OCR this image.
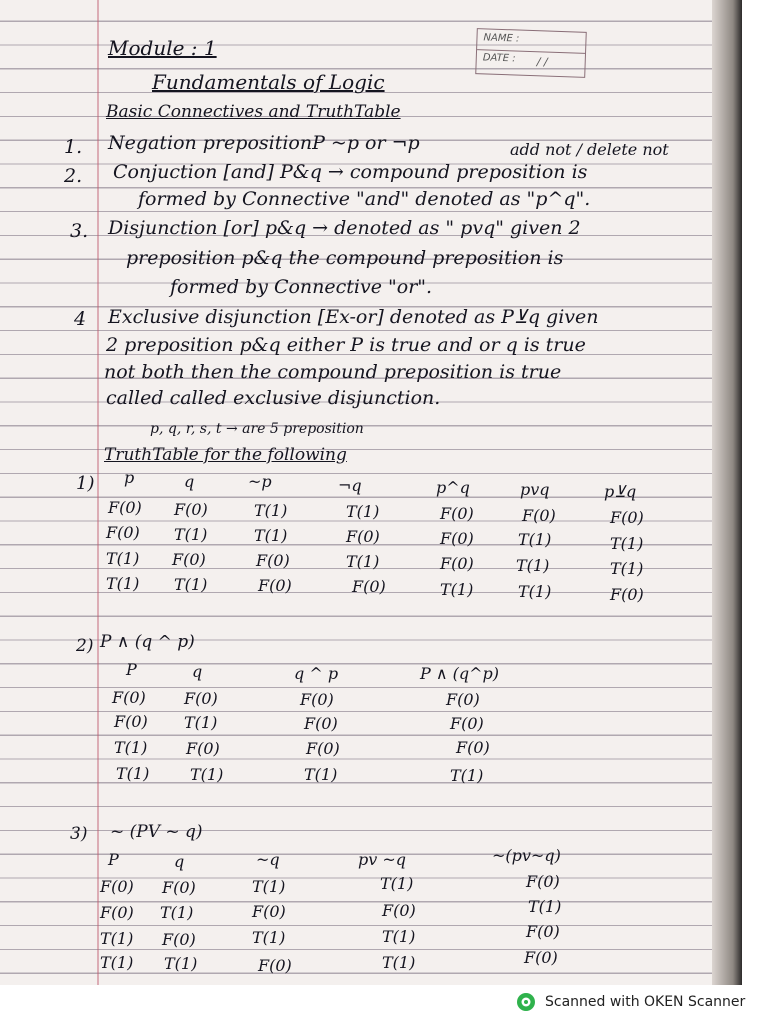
NAME :
DATE : / /
Module : 1
Fundamentals of Logic
Basic Connectives and TruthTable
1. Negation prepositionP ~p or ¬p	add not / delete not
2. Conjuction [and] P&q → compound preposition is
formed by Connective "and" denoted as "p^q".
3. Disjunction [or] p&q → denoted as " pvq" given 2
preposition p&q the compound preposition is
formed by Connective "or".
4 Exclusive disjunction [Ex-or] denoted as P⊻q given
2 preposition p&q either P is true and or q is true
not both then the compound preposition is true
called called exclusive disjunction.
p, q, r, s, t → are 5 preposition
TruthTable for the following
1) p	q	~p	¬q	p^q	pvq	p⊻q
F(0) F(0)	T(1)	T(1)	F(0)	F(0)	F(0)
F(0) T(1)	T(1)	F(0)	F(0)	T(1)	T(1)
T(1) F(0)	F(0)	T(1)	F(0)	T(1)	T(1)
T(1) T(1)	F(0)	F(0)	T(1)	T(1)	F(0)
2) P ∧ (q ^ p)
P	q	q ^ p	P ∧ (q^p)
F(0) F(0)	F(0)	F(0)
F(0) T(1)	F(0)	F(0)
T(1) F(0)	F(0)	F(0)
T(1)	T(1)	T(1)	T(1)
3) ~ (PV ~ q)
P	q	~q	pv ~q	~(pv~q)
F(0) F(0)	T(1)	T(1)	F(0)
F(0) T(1)	F(0)	F(0)	T(1)
T(1) F(0)	T(1)	T(1)	F(0)
T(1) T(1)	F(0)	T(1)	F(0)
Scanned with OKEN Scanner
